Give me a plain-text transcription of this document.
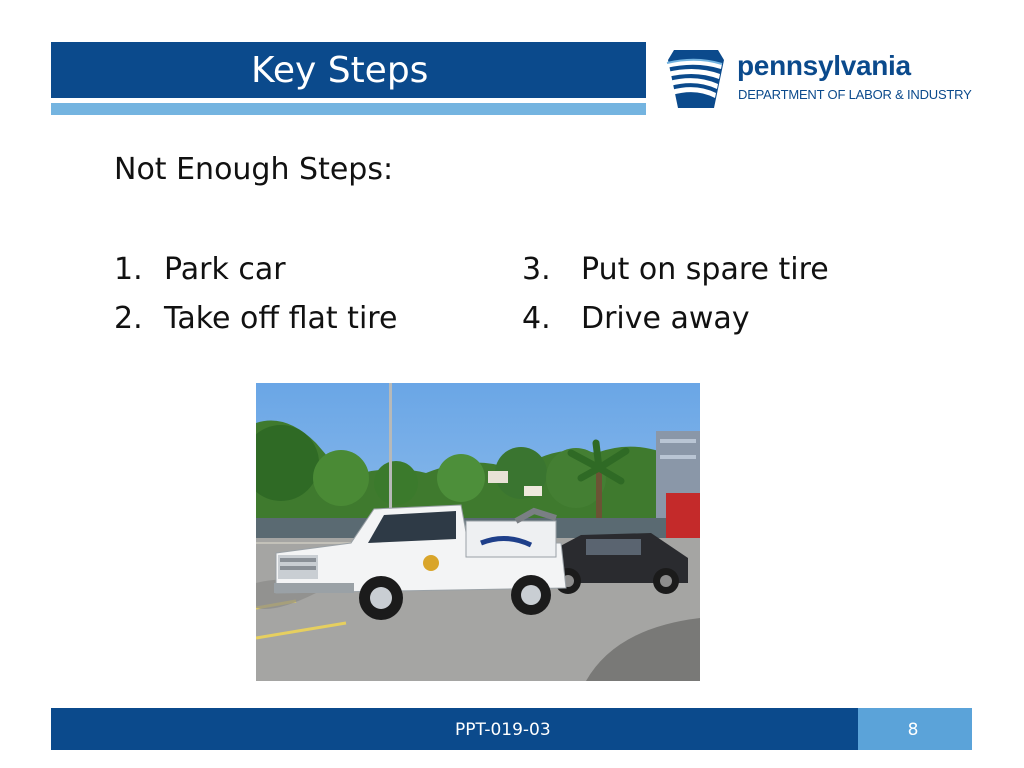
Key Steps	pennsylvania
DEPARTMENT OF LABOR & INDUSTRY
Not Enough Steps:
1. Park car
2. Take off flat tire
3. Put on spare tire
4. Drive away
PPT-019-03	8
